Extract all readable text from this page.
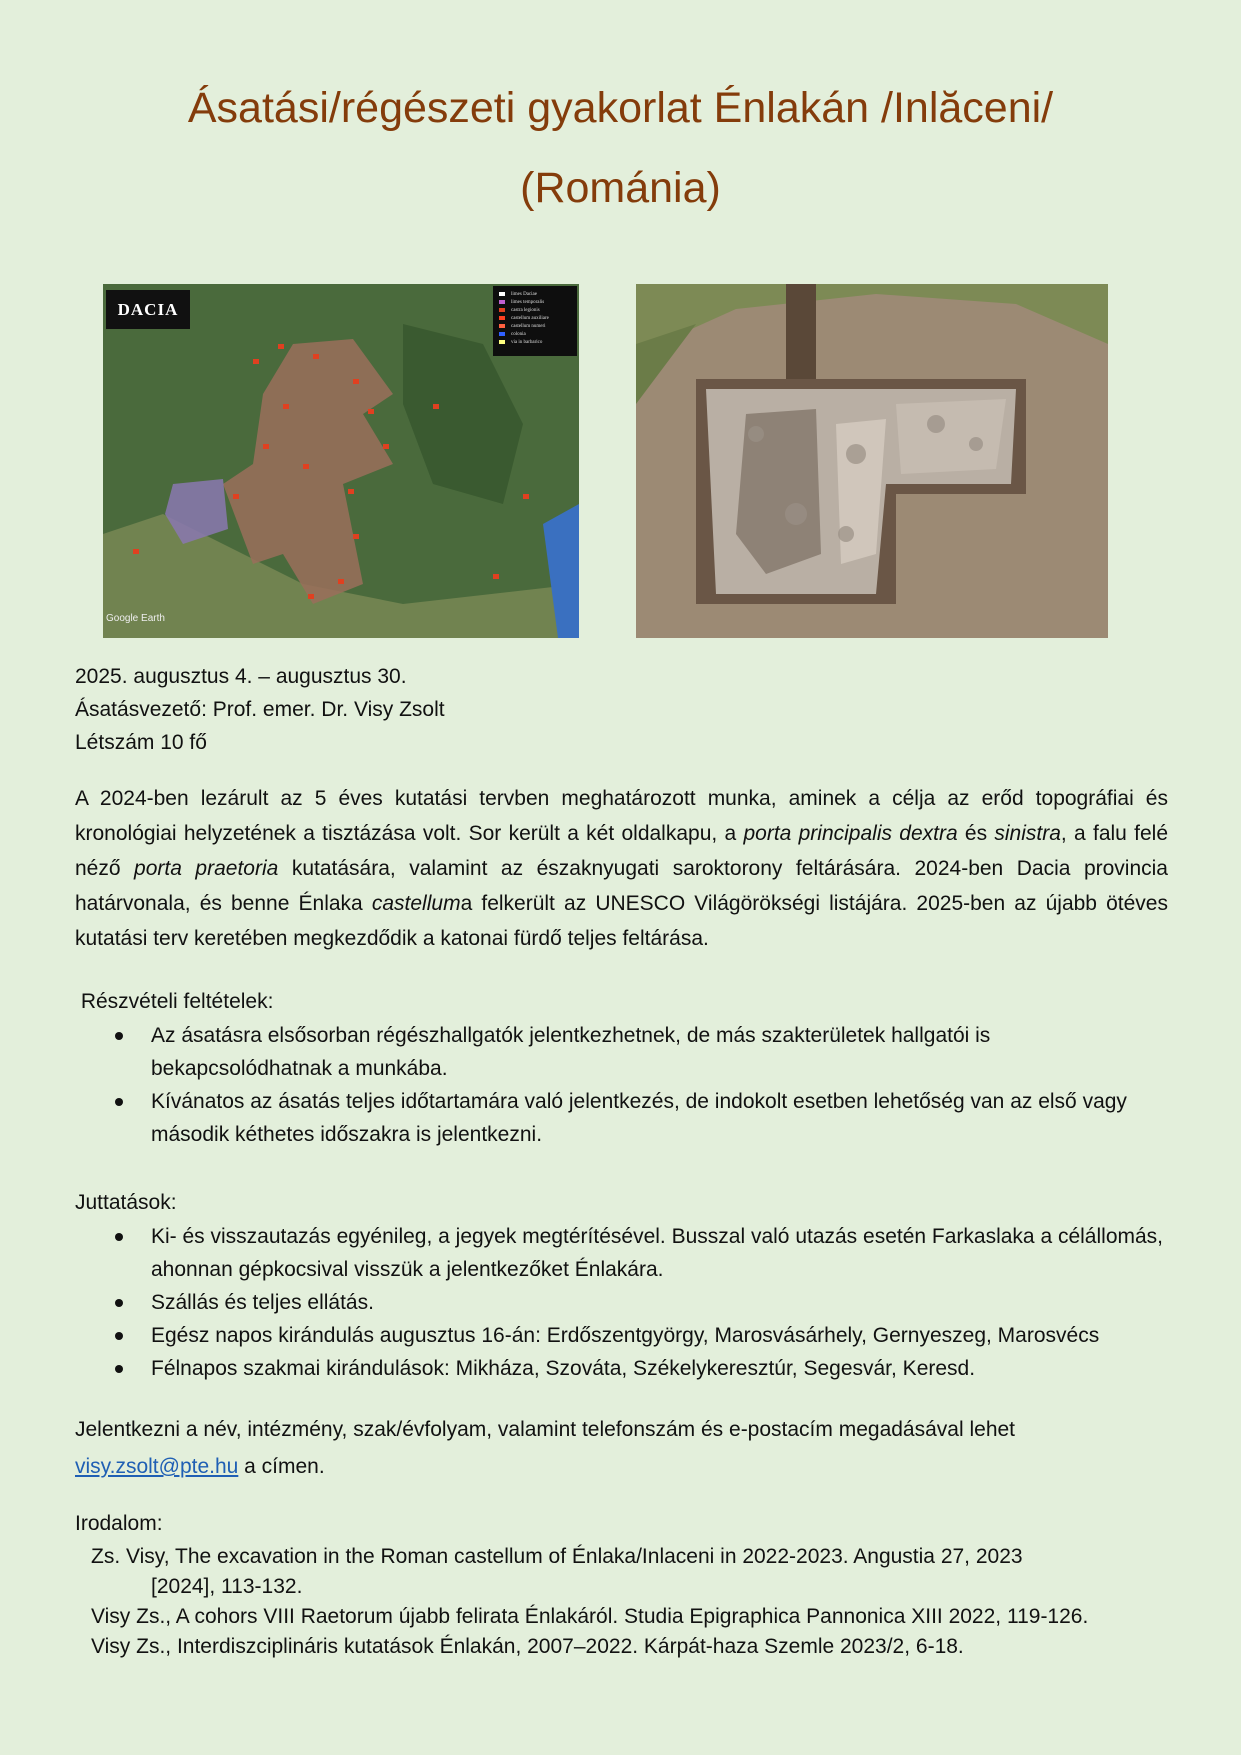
Ásatási/régészeti gyakorlat Énlakán /Inlăceni/
(Románia)
DACIA
limes Daciae
limes temporalis
castra legionis
castellum auxiliare
castellum numeri
colonia
via in barbarico
Google Earth
2025. augusztus 4. – augusztus 30.
Ásatásvezető: Prof. emer. Dr. Visy Zsolt
Létszám 10 fő

A 2024-ben lezárult az 5 éves kutatási tervben meghatározott munka, aminek a célja az erőd topográfiai és kronológiai helyzetének a tisztázása volt. Sor került a két oldalkapu, a porta principalis dextra és sinistra, a falu felé néző porta praetoria kutatására, valamint az északnyugati saroktorony feltárására. 2024-ben Dacia provincia határvonala, és benne Énlaka castelluma felkerült az UNESCO Világörökségi listájára. 2025-ben az újabb ötéves kutatási terv keretében megkezdődik a katonai fürdő teljes feltárása.

Részvételi feltételek:
Az ásatásra elsősorban régészhallgatók jelentkezhetnek, de más szakterületek hallgatói is bekapcsolódhatnak a munkába.
Kívánatos az ásatás teljes időtartamára való jelentkezés, de indokolt esetben lehetőség van az első vagy második kéthetes időszakra is jelentkezni.
Juttatások:
Ki- és visszautazás egyénileg, a jegyek megtérítésével. Busszal való utazás esetén Farkaslaka a célállomás, ahonnan gépkocsival visszük a jelentkezőket Énlakára.
Szállás és teljes ellátás.
Egész napos kirándulás augusztus 16-án: Erdőszentgyörgy, Marosvásárhely, Gernyeszeg, Marosvécs
Félnapos szakmai kirándulások: Mikháza, Szováta, Székelykeresztúr, Segesvár, Keresd.
Jelentkezni a név, intézmény, szak/évfolyam, valamint telefonszám és e-postacím megadásával lehet
visy.zsolt@pte.hu a címen.
Irodalom:
Zs. Visy, The excavation in the Roman castellum of Énlaka/Inlaceni in 2022-2023. Angustia 27, 2023
[2024], 113-132.
Visy Zs., A cohors VIII Raetorum újabb felirata Énlakáról. Studia Epigraphica Pannonica XIII 2022, 119-126.
Visy Zs., Interdiszciplináris kutatások Énlakán, 2007–2022. Kárpát-haza Szemle 2023/2, 6-18.
